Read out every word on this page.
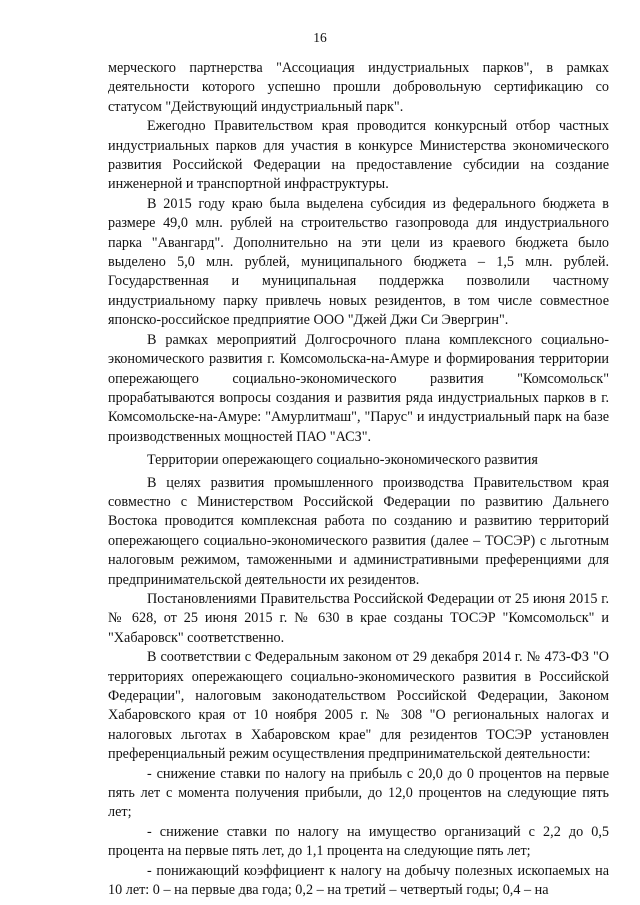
16

мерческого партнерства "Ассоциация индустриальных парков", в рамках деятельности которого успешно прошли добровольную сертификацию со статусом "Действующий индустриальный парк".

Ежегодно Правительством края проводится конкурсный отбор частных индустриальных парков для участия в конкурсе Министерства экономического развития Российской Федерации на предоставление субсидии на создание инженерной и транспортной инфраструктуры.

В 2015 году краю была выделена субсидия из федерального бюджета в размере 49,0 млн. рублей на строительство газопровода для индустриального парка "Авангард". Дополнительно на эти цели из краевого бюджета было выделено 5,0 млн. рублей, муниципального бюджета – 1,5 млн. рублей. Государственная и муниципальная поддержка позволили частному индустриальному парку привлечь новых резидентов, в том числе совместное японско-российское предприятие ООО "Джей Джи Си Эвергрин".

В рамках мероприятий Долгосрочного плана комплексного социально-экономического развития г. Комсомольска-на-Амуре и формирования территории опережающего социально-экономического развития "Комсомольск" прорабатываются вопросы создания и развития ряда индустриальных парков в г. Комсомольске-на-Амуре: "Амурлитмаш", "Парус" и индустриальный парк на базе производственных мощностей ПАО "АСЗ".

Территории опережающего социально-экономического развития

В целях развития промышленного производства Правительством края совместно с Министерством Российской Федерации по развитию Дальнего Востока проводится комплексная работа по созданию и развитию территорий опережающего социально-экономического развития (далее – ТОСЭР) с льготным налоговым режимом, таможенными и административными преференциями для предпринимательской деятельности их резидентов.

Постановлениями Правительства Российской Федерации от 25 июня 2015 г. № 628, от 25 июня 2015 г. № 630 в крае созданы ТОСЭР "Комсомольск" и "Хабаровск" соответственно.

В соответствии с Федеральным законом от 29 декабря 2014 г. № 473-ФЗ "О территориях опережающего социально-экономического развития в Российской Федерации", налоговым законодательством Российской Федерации, Законом Хабаровского края от 10 ноября 2005 г. № 308 "О региональных налогах и налоговых льготах в Хабаровском крае" для резидентов ТОСЭР установлен преференциальный режим осуществления предпринимательской деятельности:

- снижение ставки по налогу на прибыль с 20,0 до 0 процентов на первые пять лет с момента получения прибыли, до 12,0 процентов на следующие пять лет;

- снижение ставки по налогу на имущество организаций с 2,2 до 0,5 процента на первые пять лет, до 1,1 процента на следующие пять лет;

- понижающий коэффициент к налогу на добычу полезных ископаемых на 10 лет: 0 – на первые два года; 0,2 – на третий – четвертый годы; 0,4 – на
